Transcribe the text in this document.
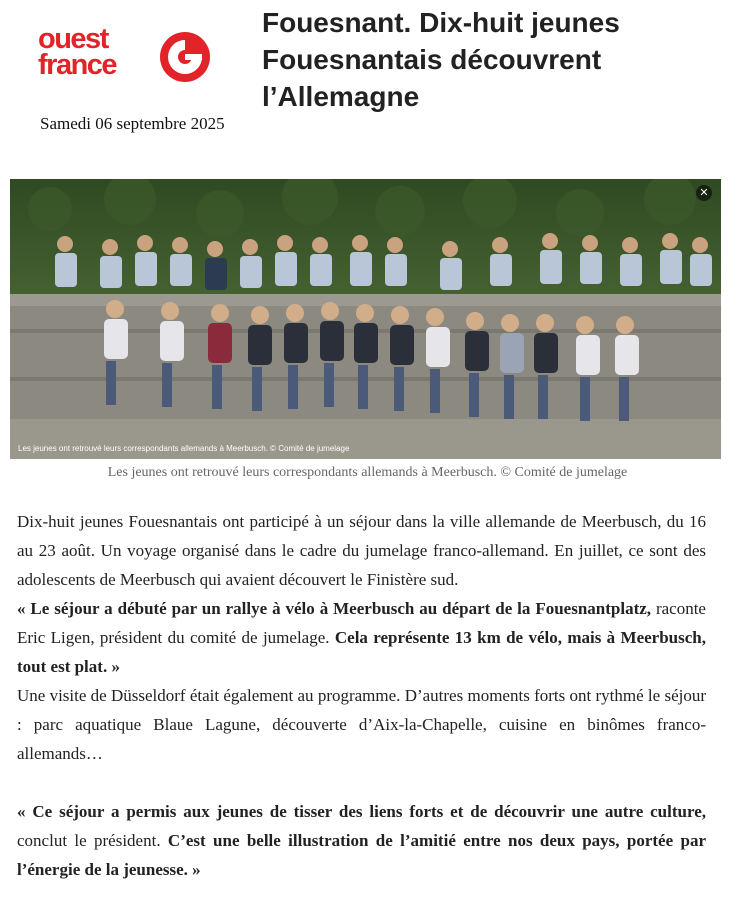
ouest
france
Fouesnant. Dix-huit jeunes Fouesnantais découvrent l’Allemagne
Samedi 06 septembre 2025
✕
Les jeunes ont retrouvé leurs correspondants allemands à Meerbusch. © Comité de jumelage
Les jeunes ont retrouvé leurs correspondants allemands à Meerbusch. © Comité de jumelage

Dix-huit jeunes Fouesnantais ont participé à un séjour dans la ville allemande de Meerbusch, du 16 au 23 août. Un voyage organisé dans le cadre du jumelage franco-allemand. En juillet, ce sont des adolescents de Meerbusch qui avaient découvert le Finistère sud.

« Le séjour a débuté par un rallye à vélo à Meerbusch au départ de la Fouesnantplatz, raconte Eric Ligen, président du comité de jumelage. Cela représente 13 km de vélo, mais à Meerbusch, tout est plat. »

Une visite de Düsseldorf était également au programme. D’autres moments forts ont rythmé le séjour : parc aquatique Blaue Lagune, découverte d’Aix-la-Chapelle, cuisine en binômes franco-allemands…

« Ce séjour a permis aux jeunes de tisser des liens forts et de découvrir une autre culture, conclut le président. C’est une belle illustration de l’amitié entre nos deux pays, portée par l’énergie de la jeunesse. »
